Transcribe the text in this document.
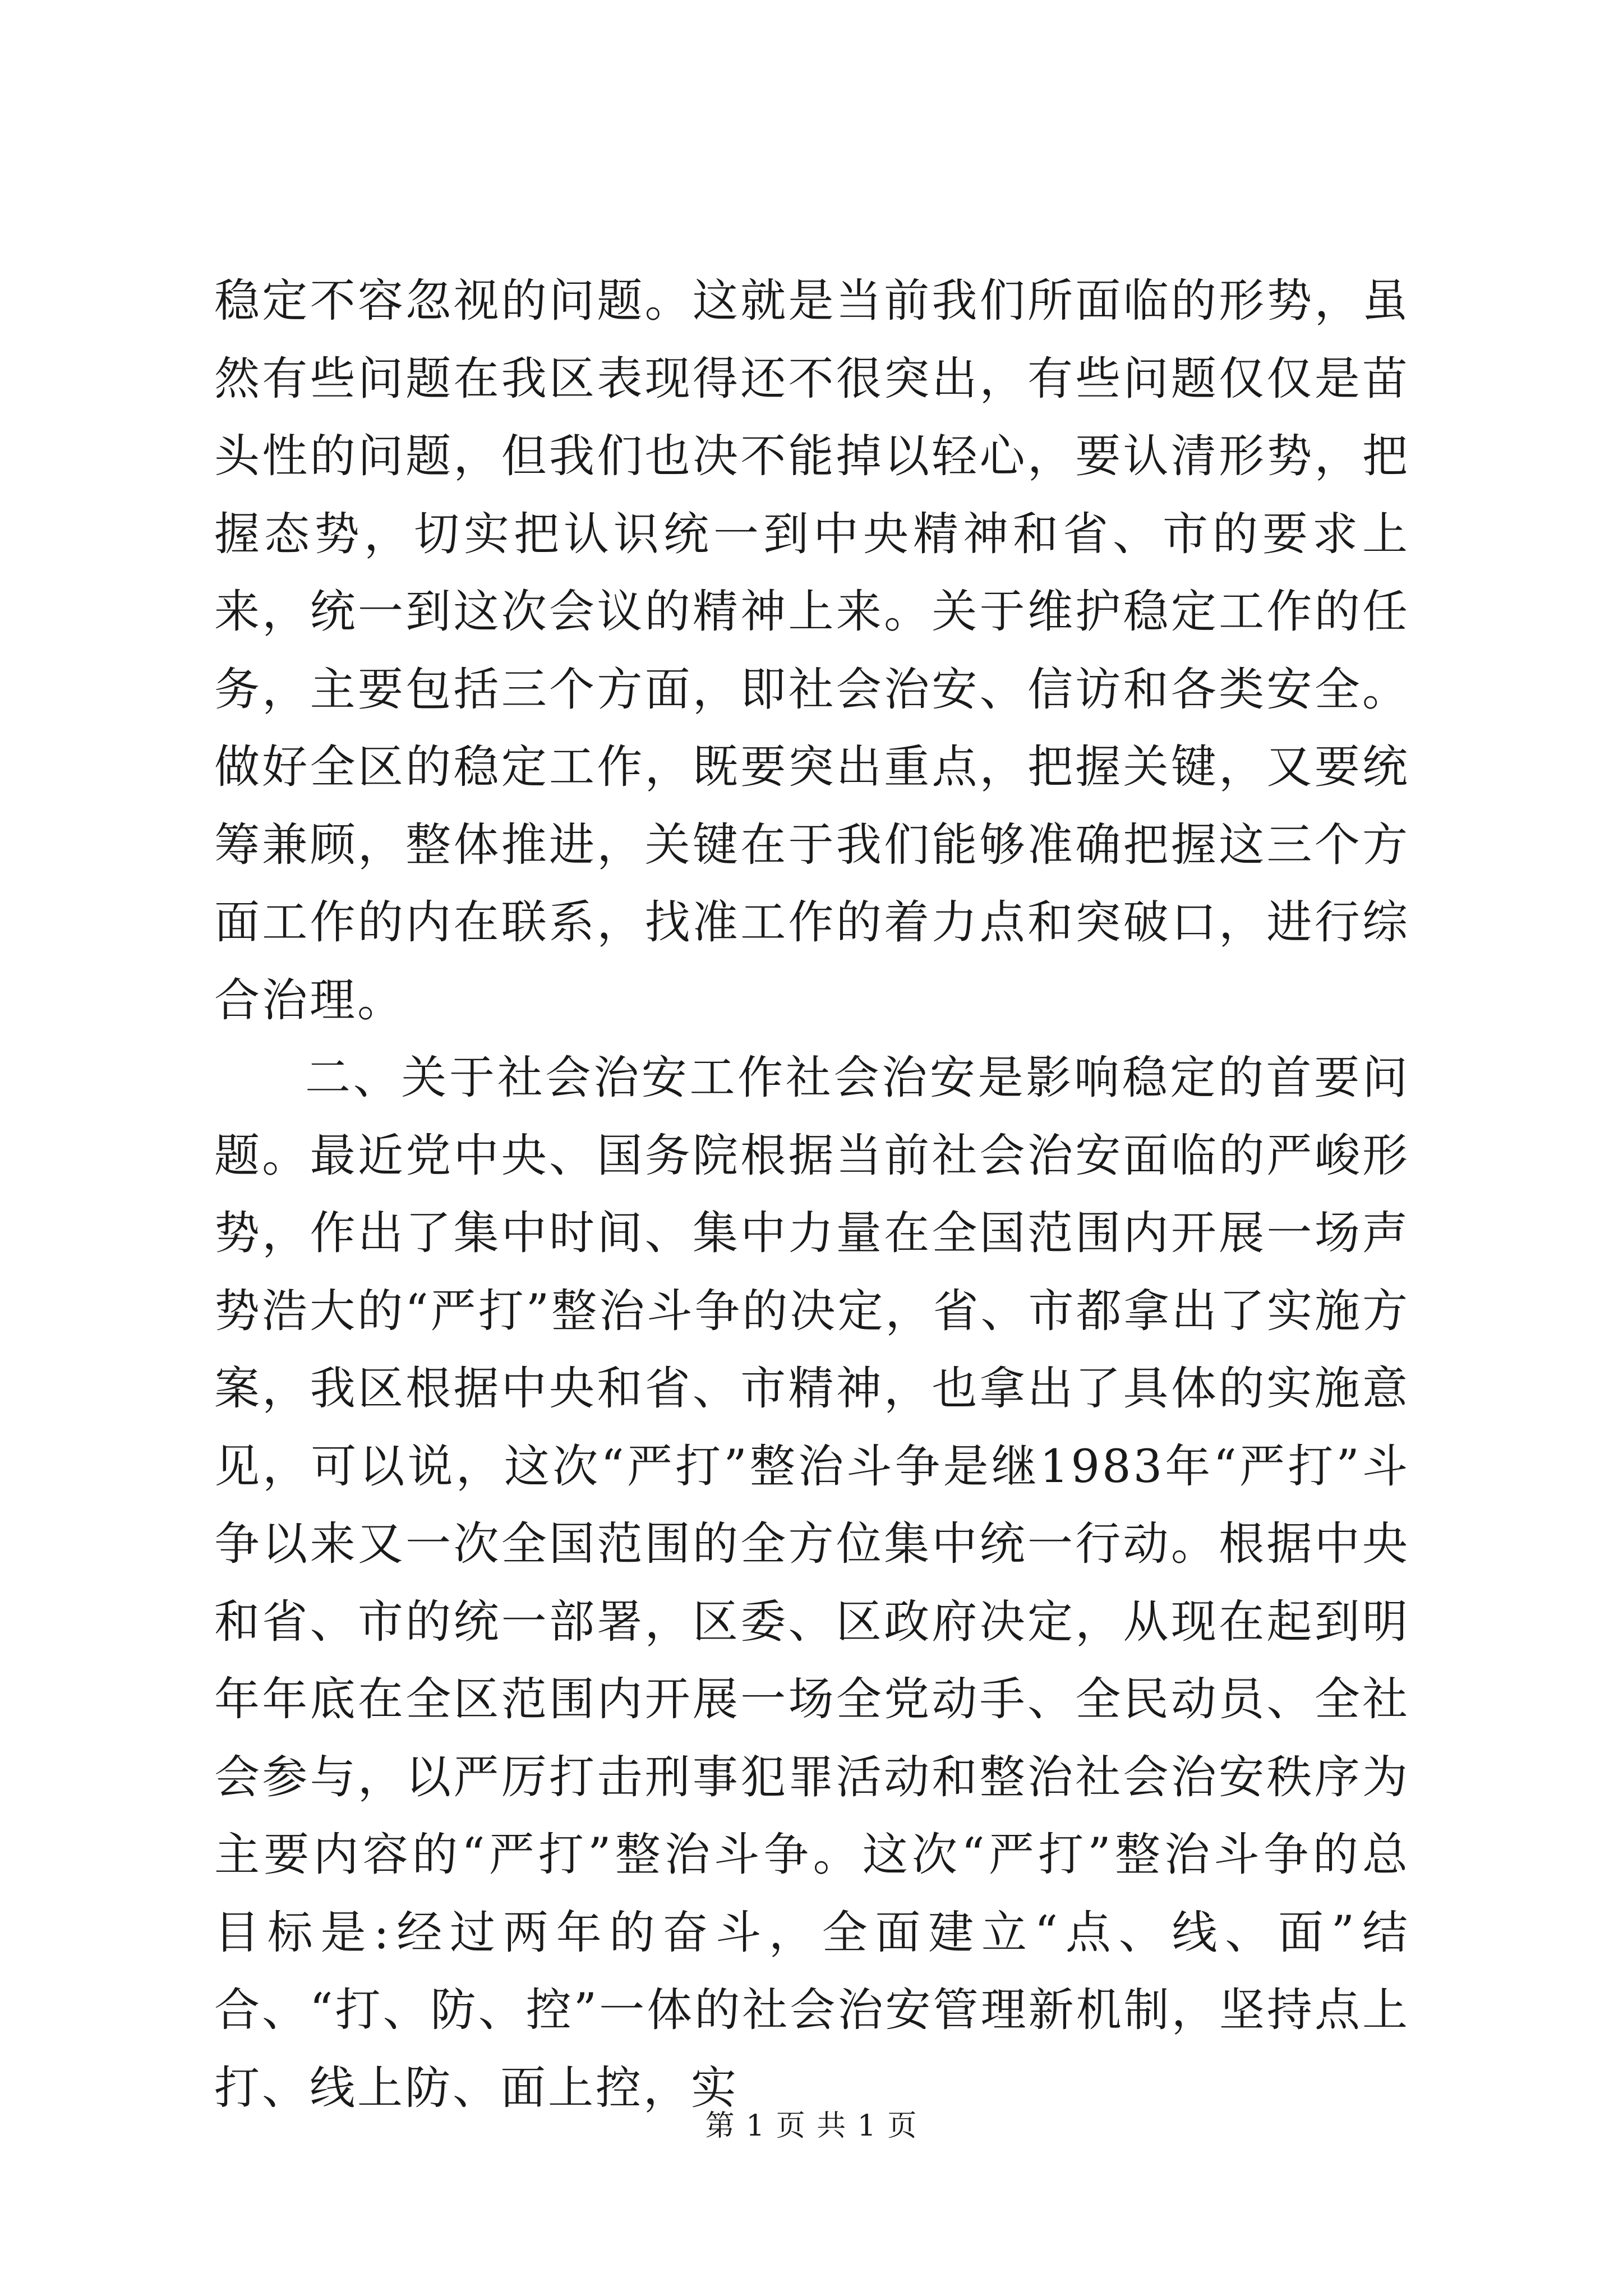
稳定不容忽视的问题。这就是当前我们所面临的形势，虽然有些问题在我区表现得还不很突出，有些问题仅仅是苗头性的问题，但我们也决不能掉以轻心，要认清形势，把握态势，切实把认识统一到中央精神和省、市的要求上来，统一到这次会议的精神上来。关于维护稳定工作的任务，主要包括三个方面，即社会治安、信访和各类安全。做好全区的稳定工作，既要突出重点，把握关键，又要统筹兼顾，整体推进，关键在于我们能够准确把握这三个方面工作的内在联系，找准工作的着力点和突破口，进行综合治理。

二、关于社会治安工作社会治安是影响稳定的首要问题。最近党中央、国务院根据当前社会治安面临的严峻形势，作出了集中时间、集中力量在全国范围内开展一场声势浩大的“严打”整治斗争的决定，省、市都拿出了实施方案，我区根据中央和省、市精神，也拿出了具体的实施意见，可以说，这次“严打”整治斗争是继1983年“严打”斗争以来又一次全国范围的全方位集中统一行动。根据中央和省、市的统一部署，区委、区政府决定，从现在起到明年年底在全区范围内开展一场全党动手、全民动员、全社会参与，以严厉打击刑事犯罪活动和整治社会治安秩序为主要内容的“严打”整治斗争。这次“严打”整治斗争的总目标是:经过两年的奋斗，全面建立“点、线、面”结合、“打、防、控”一体的社会治安管理新机制，坚持点上打、线上防、面上控，实

第 1 页 共 1 页
